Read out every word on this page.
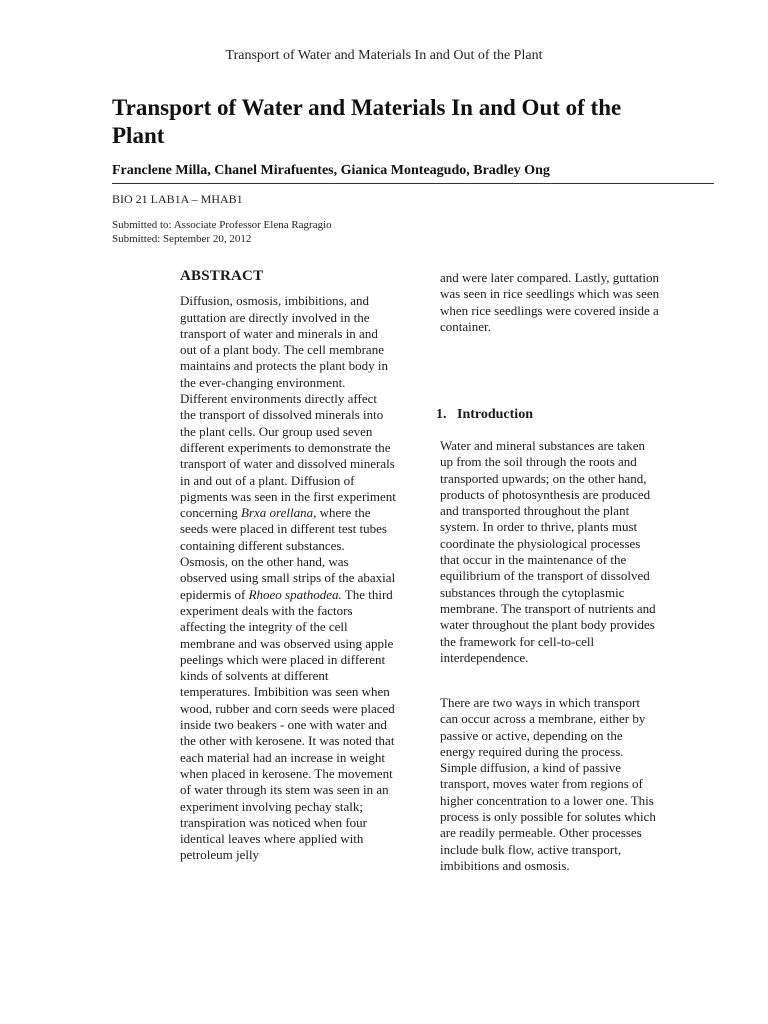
Transport of Water and Materials In and Out of the Plant
Transport of Water and Materials In and Out of the Plant
Franclene Milla, Chanel Mirafuentes, Gianica Monteagudo, Bradley Ong
BIO 21 LAB1A – MHAB1
Submitted to: Associate Professor Elena Ragragio
Submitted: September 20, 2012
ABSTRACT

Diffusion, osmosis, imbibitions, and guttation are directly involved in the transport of water and minerals in and out of a plant body. The cell membrane maintains and protects the plant body in the ever-changing environment. Different environments directly affect the transport of dissolved minerals into the plant cells. Our group used seven different experiments to demonstrate the transport of water and dissolved minerals in and out of a plant. Diffusion of pigments was seen in the first experiment concerning Brxa orellana, where the seeds were placed in different test tubes containing different substances. Osmosis, on the other hand, was observed using small strips of the abaxial epidermis of Rhoeo spathodea. The third experiment deals with the factors affecting the integrity of the cell membrane and was observed using apple peelings which were placed in different kinds of solvents at different temperatures. Imbibition was seen when wood, rubber and corn seeds were placed inside two beakers - one with water and the other with kerosene. It was noted that each material had an increase in weight when placed in kerosene. The movement of water through its stem was seen in an experiment involving pechay stalk; transpiration was noticed when four identical leaves where applied with petroleum jelly

and were later compared. Lastly, guttation was seen in rice seedlings which was seen when rice seedlings were covered inside a container.

1.   Introduction

Water and mineral substances are taken up from the soil through the roots and transported upwards; on the other hand, products of photosynthesis are produced and transported throughout the plant system. In order to thrive, plants must coordinate the physiological processes that occur in the maintenance of the equilibrium of the transport of dissolved substances through the cytoplasmic membrane. The transport of nutrients and water throughout the plant body provides the framework for cell-to-cell interdependence.

There are two ways in which transport can occur across a membrane, either by passive or active, depending on the energy required during the process. Simple diffusion, a kind of passive transport, moves water from regions of higher concentration to a lower one. This process is only possible for solutes which are readily permeable. Other processes include bulk flow, active transport, imbibitions and osmosis.
